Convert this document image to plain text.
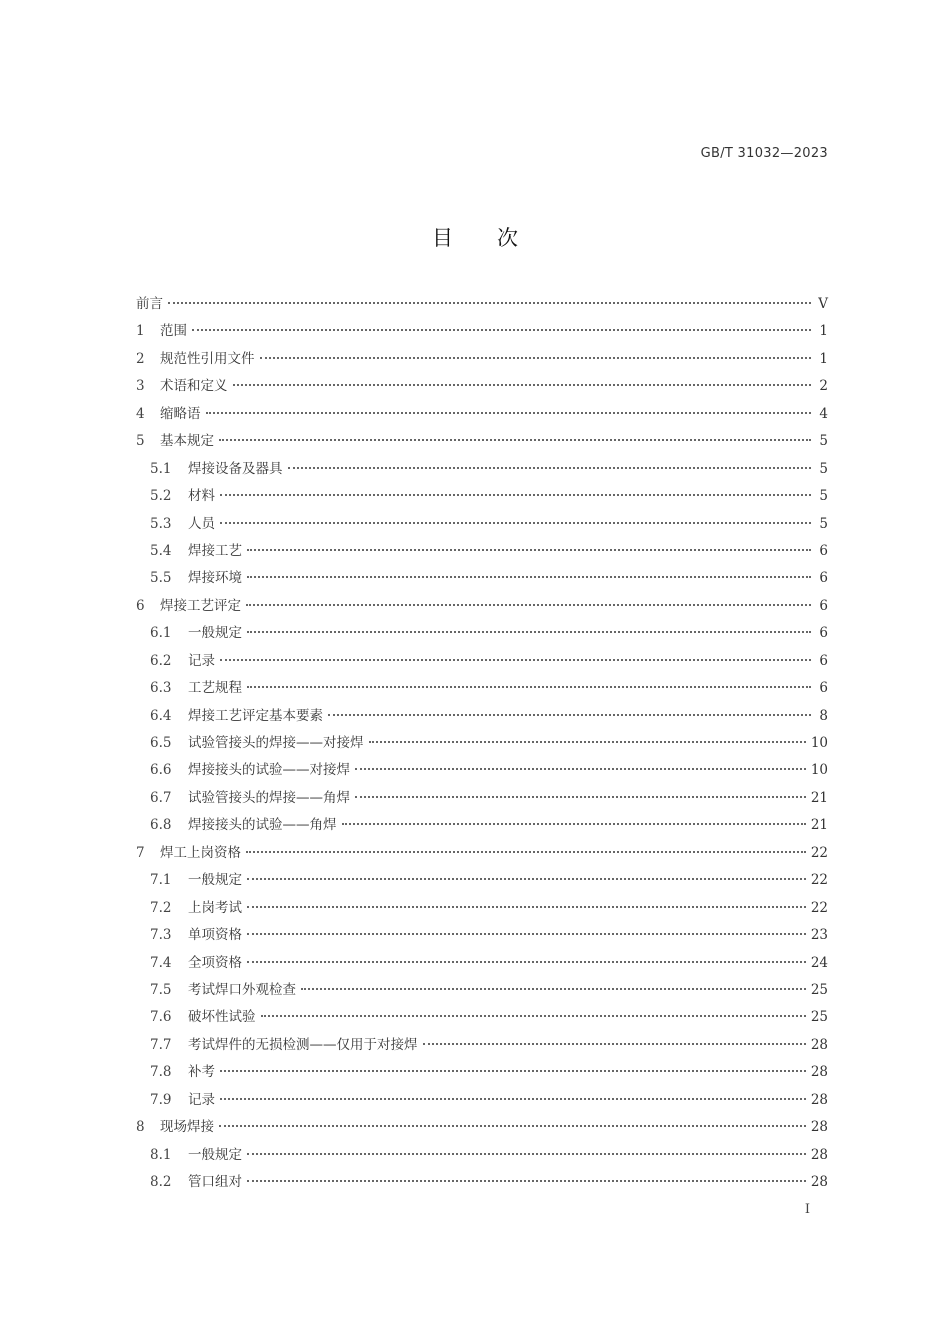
GB/T 31032—2023
目次
前言	V
1	范围	1
2	规范性引用文件	1
3	术语和定义	2
4	缩略语	4
5	基本规定	5
5.1	焊接设备及器具	5
5.2	材料	5
5.3	人员	5
5.4	焊接工艺	6
5.5	焊接环境	6
6	焊接工艺评定	6
6.1	一般规定	6
6.2	记录	6
6.3	工艺规程	6
6.4	焊接工艺评定基本要素	8
6.5	试验管接头的焊接——对接焊	10
6.6	焊接接头的试验——对接焊	10
6.7	试验管接头的焊接——角焊	21
6.8	焊接接头的试验——角焊	21
7	焊工上岗资格	22
7.1	一般规定	22
7.2	上岗考试	22
7.3	单项资格	23
7.4	全项资格	24
7.5	考试焊口外观检查	25
7.6	破坏性试验	25
7.7	考试焊件的无损检测——仅用于对接焊	28
7.8	补考	28
7.9	记录	28
8	现场焊接	28
8.1	一般规定	28
8.2	管口组对	28
I
